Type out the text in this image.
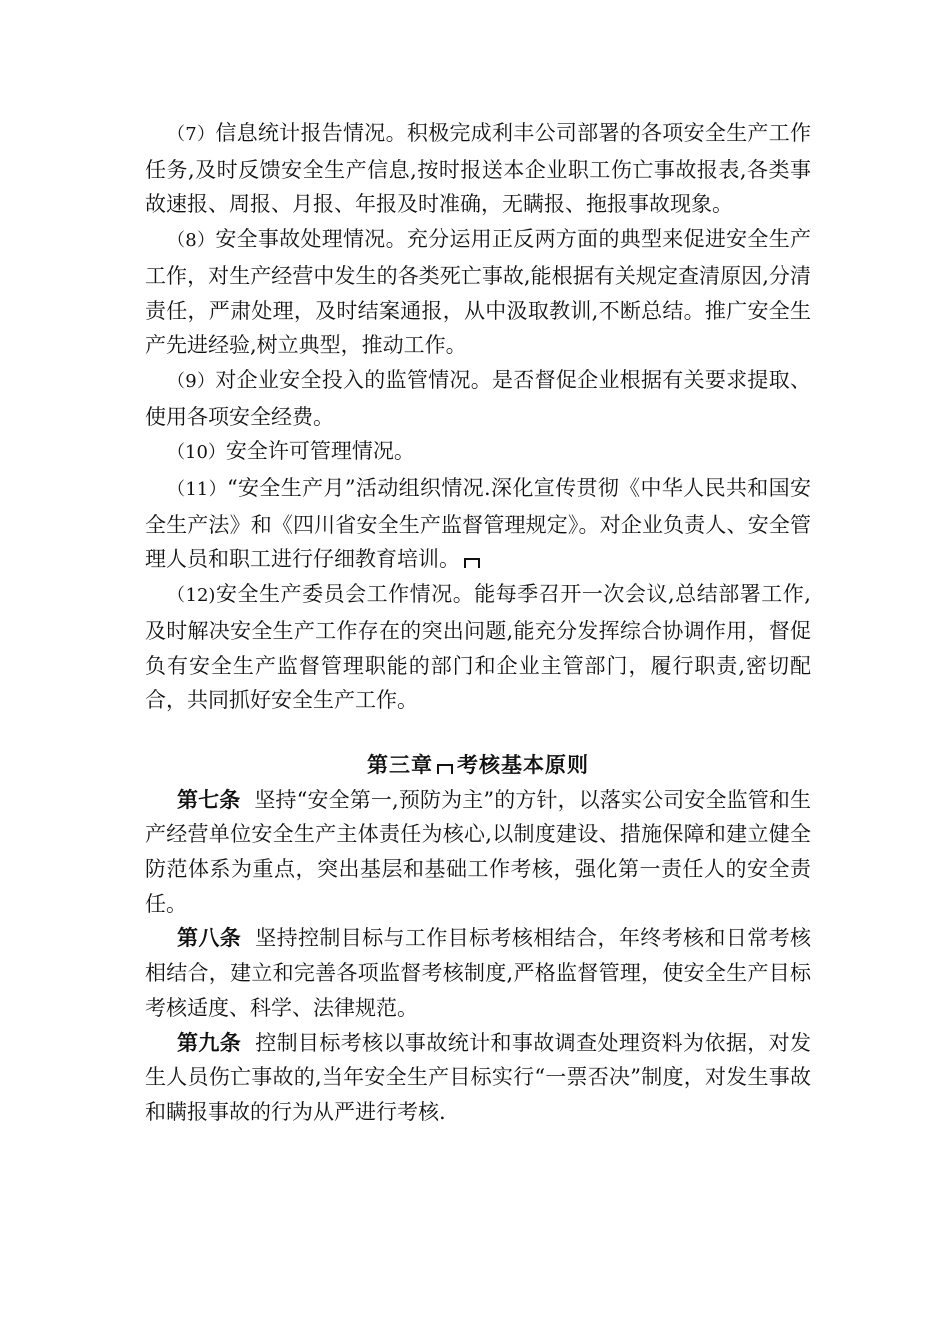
（7）信息统计报告情况。积极完成利丰公司部署的各项安全生产工作任务,及时反馈安全生产信息,按时报送本企业职工伤亡事故报表,各类事故速报、周报、月报、年报及时准确，无瞒报、拖报事故现象。

（8）安全事故处理情况。充分运用正反两方面的典型来促进安全生产工作，对生产经营中发生的各类死亡事故,能根据有关规定查清原因,分清责任，严肃处理，及时结案通报，从中汲取教训,不断总结。推广安全生产先进经验,树立典型，推动工作。

（9）对企业安全投入的监管情况。是否督促企业根据有关要求提取、使用各项安全经费。

（10）安全许可管理情况。

（11）“安全生产月”活动组织情况.深化宣传贯彻《中华人民共和国安全生产法》和《四川省安全生产监督管理规定》。对企业负责人、安全管理人员和职工进行仔细教育培训。

（12)安全生产委员会工作情况。能每季召开一次会议,总结部署工作,及时解决安全生产工作存在的突出问题,能充分发挥综合协调作用，督促负有安全生产监督管理职能的部门和企业主管部门，履行职责,密切配合，共同抓好安全生产工作。

第三章 考核基本原则

第七条 坚持“安全第一,预防为主”的方针，以落实公司安全监管和生产经营单位安全生产主体责任为核心,以制度建设、措施保障和建立健全防范体系为重点，突出基层和基础工作考核，强化第一责任人的安全责任。

第八条 坚持控制目标与工作目标考核相结合，年终考核和日常考核相结合，建立和完善各项监督考核制度,严格监督管理，使安全生产目标考核适度、科学、法律规范。

第九条 控制目标考核以事故统计和事故调查处理资料为依据，对发生人员伤亡事故的,当年安全生产目标实行“一票否决”制度，对发生事故和瞒报事故的行为从严进行考核.
